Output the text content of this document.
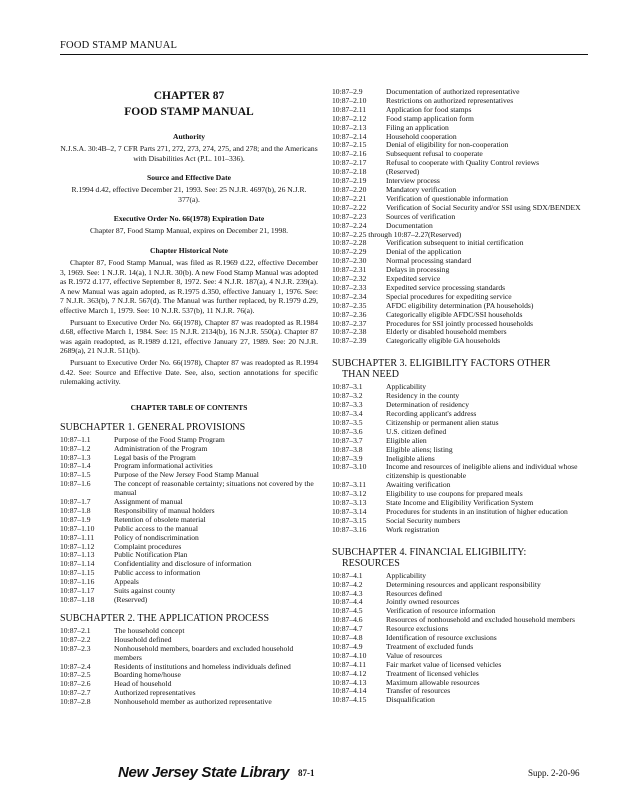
FOOD STAMP MANUAL
CHAPTER 87
FOOD STAMP MANUAL
Authority

N.J.S.A. 30:4B–2, 7 CFR Parts 271, 272, 273, 274, 275, and 278; and the Americans with Disabilities Act (P.L. 101–336).

Source and Effective Date

R.1994 d.42, effective December 21, 1993. See: 25 N.J.R. 4697(b), 26 N.J.R. 377(a).

Executive Order No. 66(1978) Expiration Date

Chapter 87, Food Stamp Manual, expires on December 21, 1998.

Chapter Historical Note

Chapter 87, Food Stamp Manual, was filed as R.1969 d.22, effective December 3, 1969. See: 1 N.J.R. 14(a), 1 N.J.R. 30(b). A new Food Stamp Manual was adopted as R.1972 d.177, effective September 8, 1972. See: 4 N.J.R. 187(a), 4 N.J.R. 239(a). A new Manual was again adopted, as R.1975 d.350, effective January 1, 1976. See: 7 N.J.R. 363(b), 7 N.J.R. 567(d). The Manual was further replaced, by R.1979 d.29, effective March 1, 1979. See: 10 N.J.R. 537(b), 11 N.J.R. 76(a).

Pursuant to Executive Order No. 66(1978), Chapter 87 was readopted as R.1984 d.68, effective March 1, 1984. See: 15 N.J.R. 2134(b), 16 N.J.R. 550(a). Chapter 87 was again readopted, as R.1989 d.121, effective January 27, 1989. See: 20 N.J.R. 2689(a), 21 N.J.R. 511(b).

Pursuant to Executive Order No. 66(1978), Chapter 87 was readopted as R.1994 d.42. See: Source and Effective Date. See, also, section annotations for specific rulemaking activity.

CHAPTER TABLE OF CONTENTS
SUBCHAPTER 1. GENERAL PROVISIONS
10:87–1.1	Purpose of the Food Stamp Program
10:87–1.2	Administration of the Program
10:87–1.3	Legal basis of the Program
10:87–1.4	Program informational activities
10:87–1.5	Purpose of the New Jersey Food Stamp Manual
10:87–1.6	The concept of reasonable certainty; situations not covered by the manual
10:87–1.7	Assignment of manual
10:87–1.8	Responsibility of manual holders
10:87–1.9	Retention of obsolete material
10:87–1.10	Public access to the manual
10:87–1.11	Policy of nondiscrimination
10:87–1.12	Complaint procedures
10:87–1.13	Public Notification Plan
10:87–1.14	Confidentiality and disclosure of information
10:87–1.15	Public access to information
10:87–1.16	Appeals
10:87–1.17	Suits against county
10:87–1.18	(Reserved)
SUBCHAPTER 2. THE APPLICATION PROCESS
10:87–2.1	The household concept
10:87–2.2	Household defined
10:87–2.3	Nonhousehold members, boarders and excluded household members
10:87–2.4	Residents of institutions and homeless individuals defined
10:87–2.5	Boarding home/house
10:87–2.6	Head of household
10:87–2.7	Authorized representatives
10:87–2.8	Nonhousehold member as authorized representative
10:87–2.9	Documentation of authorized representative
10:87–2.10	Restrictions on authorized representatives
10:87–2.11	Application for food stamps
10:87–2.12	Food stamp application form
10:87–2.13	Filing an application
10:87–2.14	Household cooperation
10:87–2.15	Denial of eligibility for non-cooperation
10:87–2.16	Subsequent refusal to cooperate
10:87–2.17	Refusal to cooperate with Quality Control reviews
10:87–2.18	(Reserved)
10:87–2.19	Interview process
10:87–2.20	Mandatory verification
10:87–2.21	Verification of questionable information
10:87–2.22	Verification of Social Security and/or SSI using SDX/BENDEX
10:87–2.23	Sources of verification
10:87–2.24	Documentation
10:87–2.25 through 10:87–2.27 (Reserved)
10:87–2.28	Verification subsequent to initial certification
10:87–2.29	Denial of the application
10:87–2.30	Normal processing standard
10:87–2.31	Delays in processing
10:87–2.32	Expedited service
10:87–2.33	Expedited service processing standards
10:87–2.34	Special procedures for expediting service
10:87–2.35	AFDC eligibility determination (PA households)
10:87–2.36	Categorically eligible AFDC/SSI households
10:87–2.37	Procedures for SSI jointly processed households
10:87–2.38	Elderly or disabled household members
10:87–2.39	Categorically eligible GA households
SUBCHAPTER 3. ELIGIBILITY FACTORS OTHER
THAN NEED
10:87–3.1	Applicability
10:87–3.2	Residency in the county
10:87–3.3	Determination of residency
10:87–3.4	Recording applicant's address
10:87–3.5	Citizenship or permanent alien status
10:87–3.6	U.S. citizen defined
10:87–3.7	Eligible alien
10:87–3.8	Eligible aliens; listing
10:87–3.9	Ineligible aliens
10:87–3.10	Income and resources of ineligible aliens and individual whose citizenship is questionable
10:87–3.11	Awaiting verification
10:87–3.12	Eligibility to use coupons for prepared meals
10:87–3.13	State Income and Eligibility Verification System
10:87–3.14	Procedures for students in an institution of higher education
10:87–3.15	Social Security numbers
10:87–3.16	Work registration
SUBCHAPTER 4. FINANCIAL ELIGIBILITY:
RESOURCES
10:87–4.1	Applicability
10:87–4.2	Determining resources and applicant responsibility
10:87–4.3	Resources defined
10:87–4.4	Jointly owned resources
10:87–4.5	Verification of resource information
10:87–4.6	Resources of nonhousehold and excluded household members
10:87–4.7	Resource exclusions
10:87–4.8	Identification of resource exclusions
10:87–4.9	Treatment of excluded funds
10:87–4.10	Value of resources
10:87–4.11	Fair market value of licensed vehicles
10:87–4.12	Treatment of licensed vehicles
10:87–4.13	Maximum allowable resources
10:87–4.14	Transfer of resources
10:87–4.15	Disqualification
New Jersey State Library 87-1	Supp. 2-20-96
